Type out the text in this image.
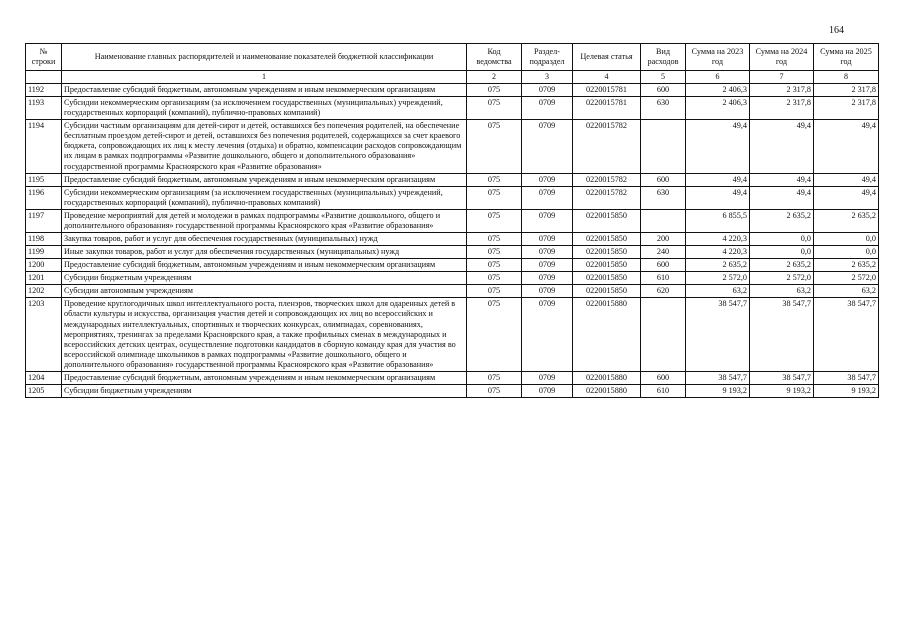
164
№ строки	Наименование главных распорядителей и наименование показателей бюджетной классификации	Код ведомства	Раздел-подраздел	Целевая статья	Вид расходов	Сумма на 2023 год	Сумма на 2024 год	Сумма на 2025 год
	1	2	3	4	5	6	7	8
1192	Предоставление субсидий бюджетным, автономным учреждениям и иным некоммерческим организациям	075	0709	0220015781	600	2 406,3	2 317,8	2 317,8
1193	Субсидии некоммерческим организациям (за исключением государственных (муниципальных) учреждений, государственных корпораций (компаний), публично-правовых компаний)	075	0709	0220015781	630	2 406,3	2 317,8	2 317,8
1194	Субсидии частным организациям для детей-сирот и детей, оставшихся без попечения родителей, на обеспечение бесплатным проездом детей-сирот и детей, оставшихся без попечения родителей, содержащихся за счет краевого бюджета, сопровождающих их лиц к месту лечения (отдыха) и обратно, компенсации расходов сопровождающим их лицам в рамках подпрограммы «Развитие дошкольного, общего и дополнительного образования» государственной программы Красноярского края «Развитие образования»	075	0709	0220015782		49,4	49,4	49,4
1195	Предоставление субсидий бюджетным, автономным учреждениям и иным некоммерческим организациям	075	0709	0220015782	600	49,4	49,4	49,4
1196	Субсидии некоммерческим организациям (за исключением государственных (муниципальных) учреждений, государственных корпораций (компаний), публично-правовых компаний)	075	0709	0220015782	630	49,4	49,4	49,4
1197	Проведение мероприятий для детей и молодежи в рамках подпрограммы «Развитие дошкольного, общего и дополнительного образования» государственной программы Красноярского края «Развитие образования»	075	0709	0220015850		6 855,5	2 635,2	2 635,2
1198	Закупка товаров, работ и услуг для обеспечения государственных (муниципальных) нужд	075	0709	0220015850	200	4 220,3	0,0	0,0
1199	Иные закупки товаров, работ и услуг для обеспечения государственных (муниципальных) нужд	075	0709	0220015850	240	4 220,3	0,0	0,0
1200	Предоставление субсидий бюджетным, автономным учреждениям и иным некоммерческим организациям	075	0709	0220015850	600	2 635,2	2 635,2	2 635,2
1201	Субсидии бюджетным учреждениям	075	0709	0220015850	610	2 572,0	2 572,0	2 572,0
1202	Субсидии автономным учреждениям	075	0709	0220015850	620	63,2	63,2	63,2
1203	Проведение круглогодичных школ интеллектуального роста, пленэров, творческих школ для одаренных детей в области культуры и искусства, организация участия детей и сопровождающих их лиц во всероссийских и международных интеллектуальных, спортивных и творческих конкурсах, олимпиадах, соревнованиях, мероприятиях, тренингах за пределами Красноярского края, а также профильных сменах в международных и всероссийских детских центрах, осуществление подготовки кандидатов в сборную команду края для участия во всероссийской олимпиаде школьников в рамках подпрограммы «Развитие дошкольного, общего и дополнительного образования» государственной программы Красноярского края «Развитие образования»	075	0709	0220015880		38 547,7	38 547,7	38 547,7
1204	Предоставление субсидий бюджетным, автономным учреждениям и иным некоммерческим организациям	075	0709	0220015880	600	38 547,7	38 547,7	38 547,7
1205	Субсидии бюджетным учреждениям	075	0709	0220015880	610	9 193,2	9 193,2	9 193,2
